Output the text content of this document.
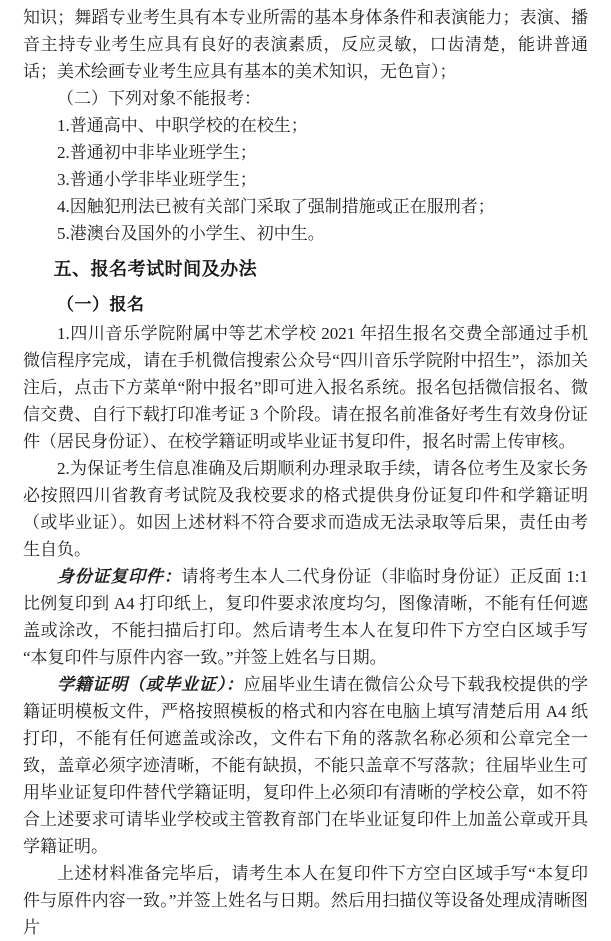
知识；舞蹈专业考生具有本专业所需的基本身体条件和表演能力；表演、播音主持专业考生应具有良好的表演素质，反应灵敏，口齿清楚，能讲普通话；美术绘画专业考生应具有基本的美术知识，无色盲）；

（二）下列对象不能报考：

1.普通高中、中职学校的在校生；

2.普通初中非毕业班学生；

3.普通小学非毕业班学生；

4.因触犯刑法已被有关部门采取了强制措施或正在服刑者；

5.港澳台及国外的小学生、初中生。

五、报名考试时间及办法
（一）报名

1.四川音乐学院附属中等艺术学校 2021 年招生报名交费全部通过手机微信程序完成，请在手机微信搜索公众号“四川音乐学院附中招生”，添加关注后，点击下方菜单“附中报名”即可进入报名系统。报名包括微信报名、微信交费、自行下载打印准考证 3 个阶段。请在报名前准备好考生有效身份证件（居民身份证）、在校学籍证明或毕业证书复印件，报名时需上传审核。

2.为保证考生信息准确及后期顺利办理录取手续，请各位考生及家长务必按照四川省教育考试院及我校要求的格式提供身份证复印件和学籍证明（或毕业证）。如因上述材料不符合要求而造成无法录取等后果，责任由考生自负。

身份证复印件：请将考生本人二代身份证（非临时身份证）正反面 1:1 比例复印到 A4 打印纸上，复印件要求浓度均匀，图像清晰，不能有任何遮盖或涂改，不能扫描后打印。然后请考生本人在复印件下方空白区域手写“本复印件与原件内容一致。”并签上姓名与日期。

学籍证明（或毕业证）：应届毕业生请在微信公众号下载我校提供的学籍证明模板文件，严格按照模板的格式和内容在电脑上填写清楚后用 A4 纸打印，不能有任何遮盖或涂改，文件右下角的落款名称必须和公章完全一致，盖章必须字迹清晰，不能有缺损，不能只盖章不写落款；往届毕业生可用毕业证复印件替代学籍证明，复印件上必须印有清晰的学校公章，如不符合上述要求可请毕业学校或主管教育部门在毕业证复印件上加盖公章或开具学籍证明。

上述材料准备完毕后，请考生本人在复印件下方空白区域手写“本复印件与原件内容一致。”并签上姓名与日期。然后用扫描仪等设备处理成清晰图片
